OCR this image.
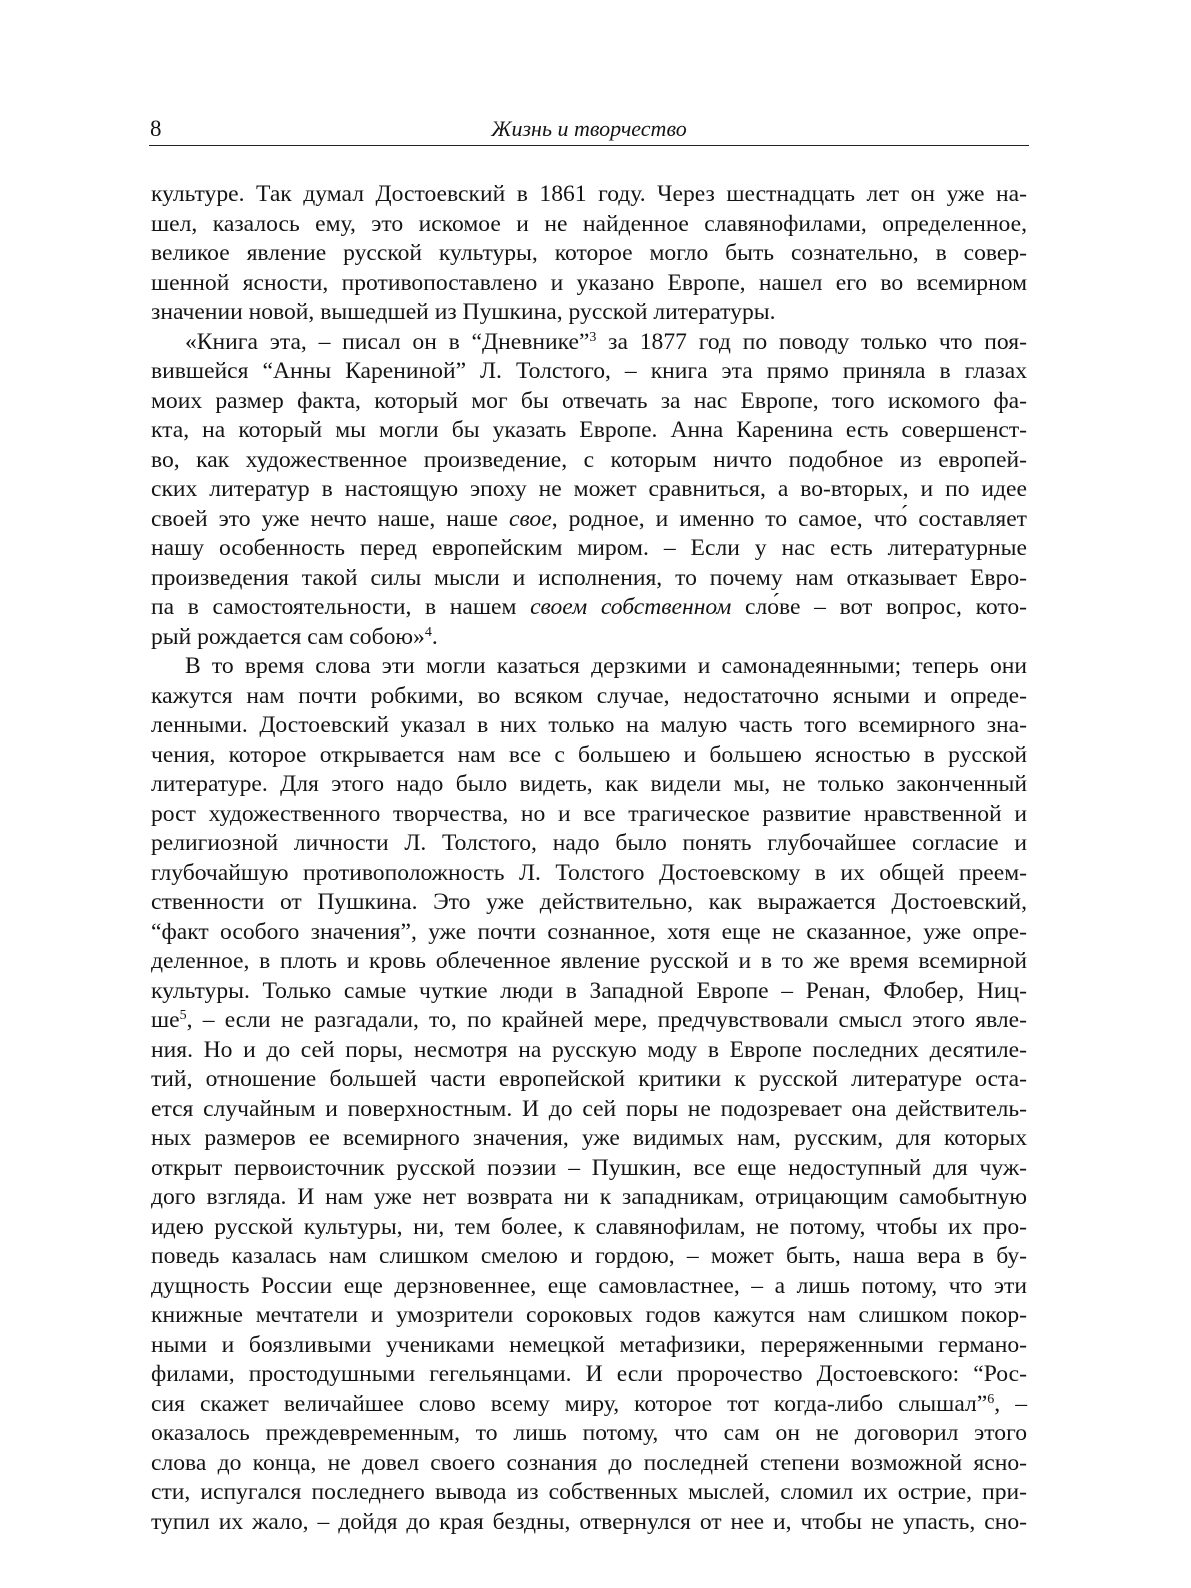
8	Жизнь и творчество
культуре. Так думал Достоевский в 1861 году. Через шестнадцать лет он уже на-
шел, казалось ему, это искомое и не найденное славянофилами, определенное,
великое явление русской культуры, которое могло быть сознательно, в совер-
шенной ясности, противопоставлено и указано Европе, нашел его во всемирном
значении новой, вышедшей из Пушкина, русской литературы.
«Книга эта, – писал он в “Дневнике”$^3$ за 1877 год по поводу только что поя-
вившейся “Анны Карениной” Л. Толстого, – книга эта прямо приняла в глазах
моих размер факта, который мог бы отвечать за нас Европе, того искомого фа-
кта, на который мы могли бы указать Европе. Анна Каренина есть совершенст-
во, как художественное произведение, с которым ничто подобное из европей-
ских литератур в настоящую эпоху не может сравниться, а во-вторых, и по идее
своей это уже нечто наше, наше свое, родное, и именно то самое, что́ составляет
нашу особенность перед европейским миром. – Если у нас есть литературные
произведения такой силы мысли и исполнения, то почему нам отказывает Евро-
па в самостоятельности, в нашем своем собственном сло́ве – вот вопрос, кото-
рый рождается сам собою»$^4$.
В то время слова эти могли казаться дерзкими и самонадеянными; теперь они
кажутся нам почти робкими, во всяком случае, недостаточно ясными и опреде-
ленными. Достоевский указал в них только на малую часть того всемирного зна-
чения, которое открывается нам все с большею и большею ясностью в русской
литературе. Для этого надо было видеть, как видели мы, не только законченный
рост художественного творчества, но и все трагическое развитие нравственной и
религиозной личности Л. Толстого, надо было понять глубочайшее согласие и
глубочайшую противоположность Л. Толстого Достоевскому в их общей преем-
ственности от Пушкина. Это уже действительно, как выражается Достоевский,
“факт особого значения”, уже почти сознанное, хотя еще не сказанное, уже опре-
деленное, в плоть и кровь облеченное явление русской и в то же время всемирной
культуры. Только самые чуткие люди в Западной Европе – Ренан, Флобер, Ниц-
$ше^5$, – если не разгадали, то, по крайней мере, предчувствовали смысл этого явле-
ния. Но и до сей поры, несмотря на русскую моду в Европе последних десятиле-
тий, отношение большей части европейской критики к русской литературе оста-
ется случайным и поверхностным. И до сей поры не подозревает она действитель-
ных размеров ее всемирного значения, уже видимых нам, русским, для которых
открыт первоисточник русской поэзии – Пушкин, все еще недоступный для чуж-
дого взгляда. И нам уже нет возврата ни к западникам, отрицающим самобытную
идею русской культуры, ни, тем более, к славянофилам, не потому, чтобы их про-
поведь казалась нам слишком смелою и гордою, – может быть, наша вера в бу-
дущность России еще дерзновеннее, еще самовластнее, – а лишь потому, что эти
книжные мечтатели и умозрители сороковых годов кажутся нам слишком покор-
ными и боязливыми учениками немецкой метафизики, переряженными германо-
филами, простодушными гегельянцами. И если пророчество Достоевского: “Рос-
сия скажет величайшее слово всему миру, которое тот когда-либо слышал”$^6$, –
оказалось преждевременным, то лишь потому, что сам он не договорил этого
слова до конца, не довел своего сознания до последней степени возможной ясно-
сти, испугался последнего вывода из собственных мыслей, сломил их острие, при-
тупил их жало, – дойдя до края бездны, отвернулся от нее и, чтобы не упасть, сно-
